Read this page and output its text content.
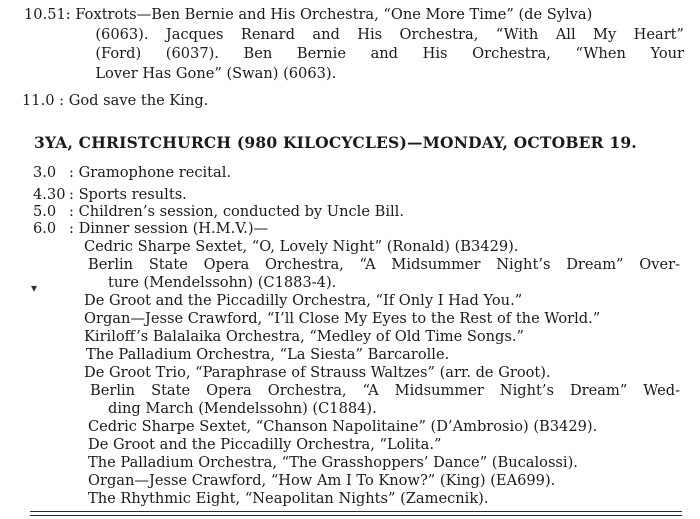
10.51 : Foxtrots—Ben Bernie and His Orchestra, “One More Time” (de Sylva)
(6063). Jacques Renard and His Orchestra, “With All My Heart”
(Ford) (6037). Ben Bernie and His Orchestra, “When Your
Lover Has Gone” (Swan) (6063).
11.0 : God save the King.
3YA, CHRISTCHURCH (980 KILOCYCLES)—MONDAY, OCTOBER 19.
3.0 : Gramophone recital.
4.30 : Sports results.
5.0 : Children’s session, conducted by Uncle Bill.
6.0 : Dinner session (H.M.V.)—
Cedric Sharpe Sextet, “O, Lovely Night” (Ronald) (B3429).
Berlin State Opera Orchestra, “A Midsummer Night’s Dream” Over-
ture (Mendelssohn) (C1883-4).
De Groot and the Piccadilly Orchestra, “If Only I Had You.”
Organ—Jesse Crawford, “I’ll Close My Eyes to the Rest of the World.”
Kiriloff’s Balalaika Orchestra, “Medley of Old Time Songs.”
The Palladium Orchestra, “La Siesta” Barcarolle.
De Groot Trio, “Paraphrase of Strauss Waltzes” (arr. de Groot).
Berlin State Opera Orchestra, “A Midsummer Night’s Dream” Wed-
ding March (Mendelssohn) (C1884).
Cedric Sharpe Sextet, “Chanson Napolitaine” (D’Ambrosio) (B3429).
De Groot and the Piccadilly Orchestra, “Lolita.”
The Palladium Orchestra, “The Grasshoppers’ Dance” (Bucalossi).
Organ—Jesse Crawford, “How Am I To Know?” (King) (EA699).
The Rhythmic Eight, “Neapolitan Nights” (Zamecnik).
▾
